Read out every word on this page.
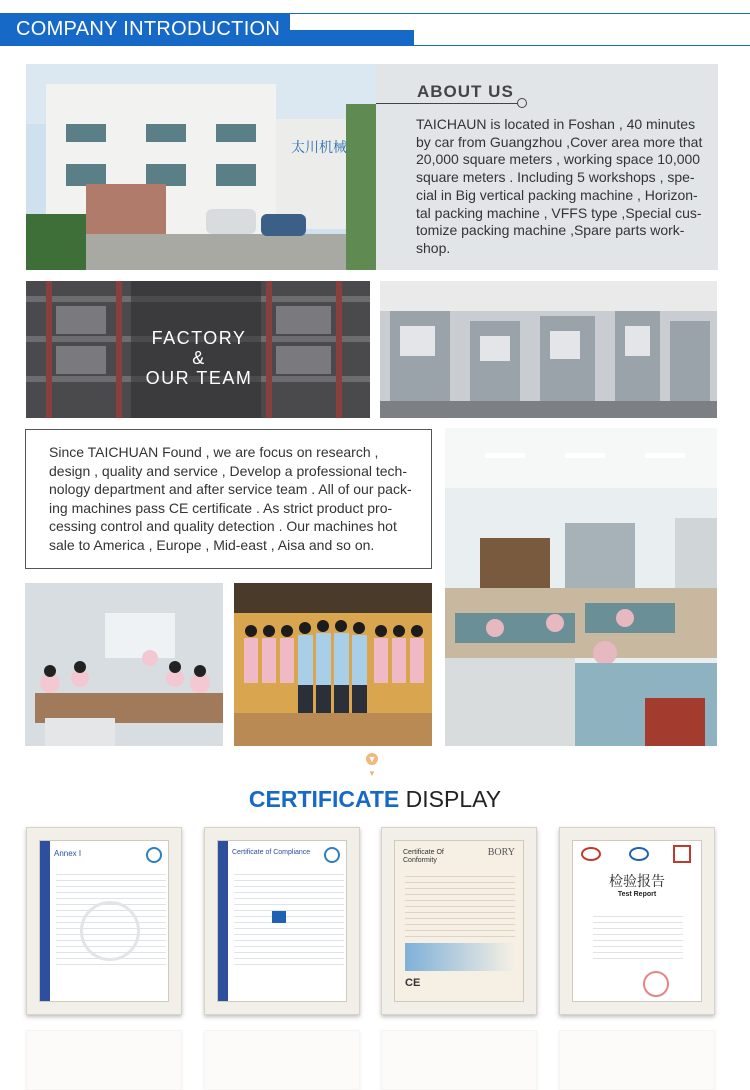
COMPANY INTRODUCTION
太川机械
ABOUT US
TAICHAUN is located in Foshan , 40 minutes
by car from Guangzhou ,Cover area more that
20,000 square meters , working space 10,000
square meters . Including 5 workshops , spe-
cial in Big vertical packing machine , Horizon-
tal packing machine , VFFS type ,Special cus-
tomize packing machine ,Spare parts work-
shop.
FACTORY
&
OUR TEAM
Since TAICHUAN Found , we are focus on research ,
design , quality and service , Develop a professional tech-
nology department and after service team . All of our pack-
ing machines pass CE certificate . As strict product pro-
cessing control and quality detection . Our machines hot
sale to America , Europe , Mid-east , Aisa and so on.
▼
▼
CERTIFICATE DISPLAY
Annex I	Certificate of Compliance	Certificate Of Conformity
BORY
CE
检验报告
Test Report
